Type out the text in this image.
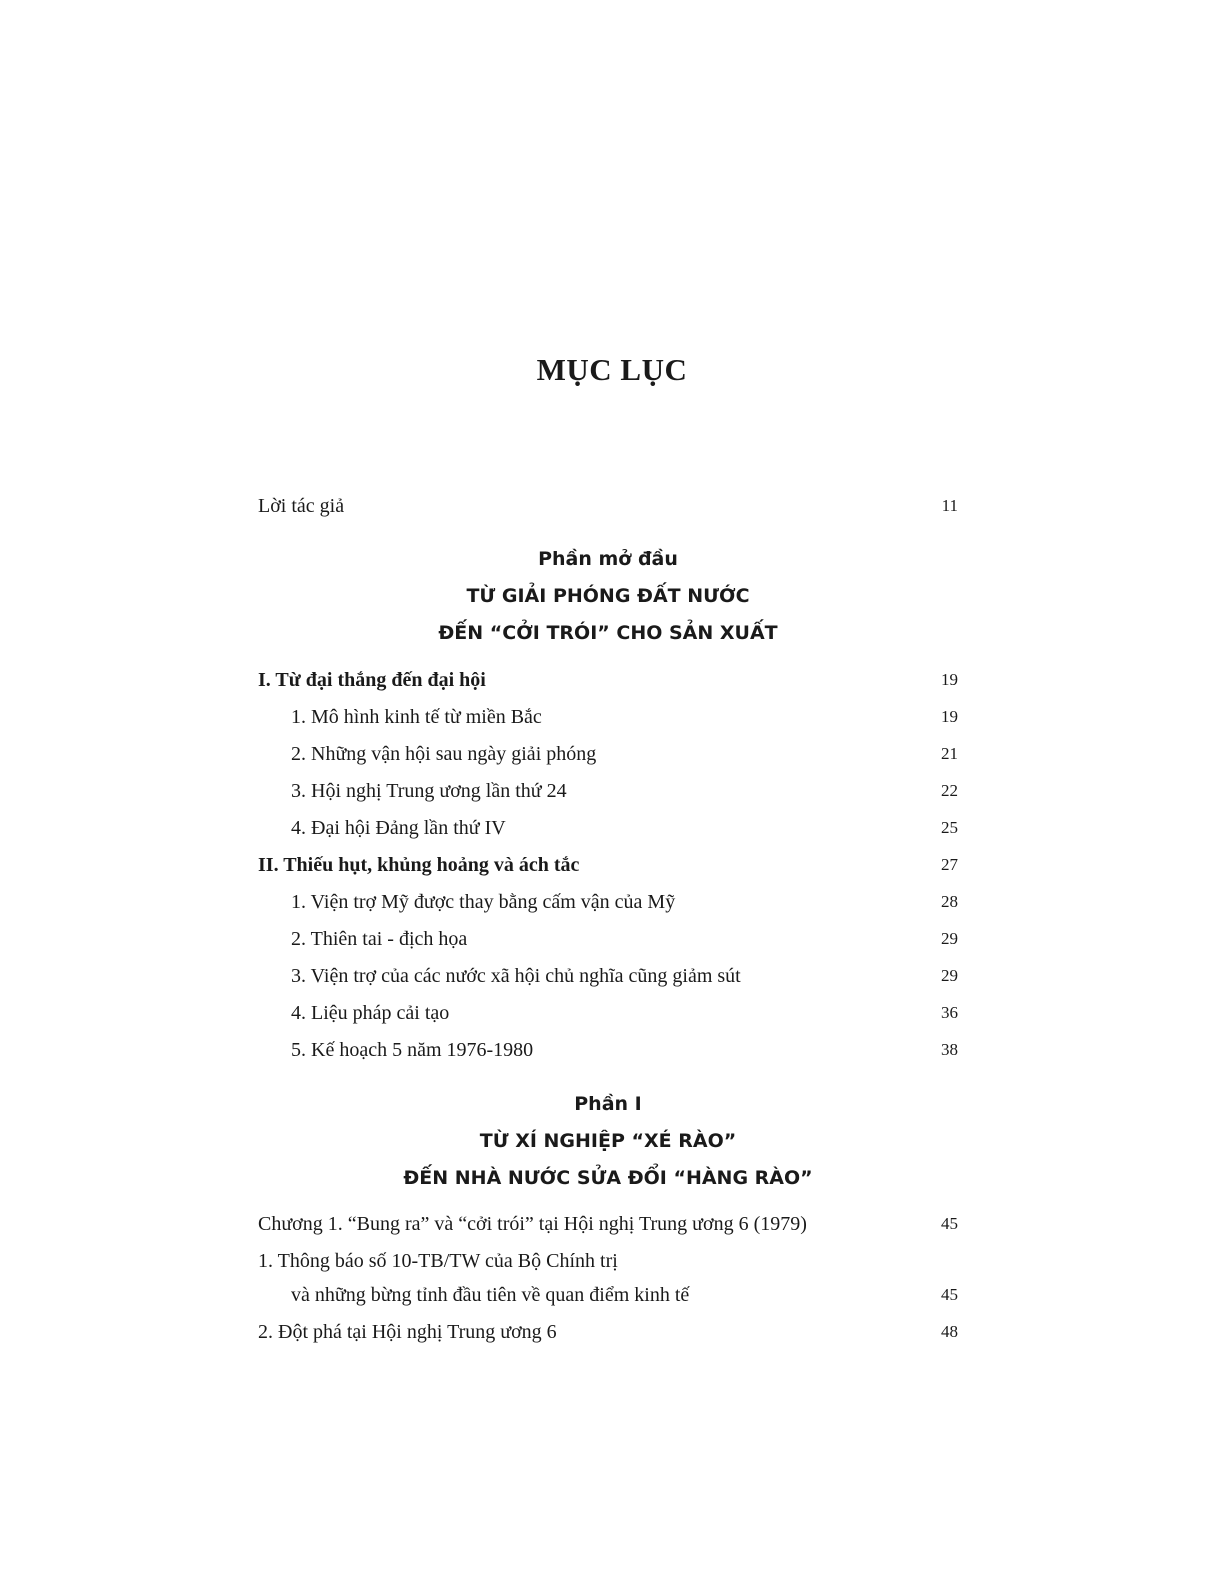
MỤC LỤC
Lời tác giả	11
Phần mở đầu
TỪ GIẢI PHÓNG ĐẤT NƯỚC
ĐẾN “CỞI TRÓI” CHO SẢN XUẤT
I. Từ đại thắng đến đại hội	19
1. Mô hình kinh tế từ miền Bắc	19
2. Những vận hội sau ngày giải phóng	21
3. Hội nghị Trung ương lần thứ 24	22
4. Đại hội Đảng lần thứ IV	25
II. Thiếu hụt, khủng hoảng và ách tắc	27
1. Viện trợ Mỹ được thay bằng cấm vận của Mỹ	28
2. Thiên tai - địch họa	29
3. Viện trợ của các nước xã hội chủ nghĩa cũng giảm sút	29
4. Liệu pháp cải tạo	36
5. Kế hoạch 5 năm 1976-1980	38
Phần I
TỪ XÍ NGHIỆP “XÉ RÀO”
ĐẾN NHÀ NƯỚC SỬA ĐỔI “HÀNG RÀO”
Chương 1. “Bung ra” và “cởi trói” tại Hội nghị Trung ương 6 (1979)	45
1. Thông báo số 10-TB/TW của Bộ Chính trị
và những bừng tỉnh đầu tiên về quan điểm kinh tế	45
2. Đột phá tại Hội nghị Trung ương 6	48
